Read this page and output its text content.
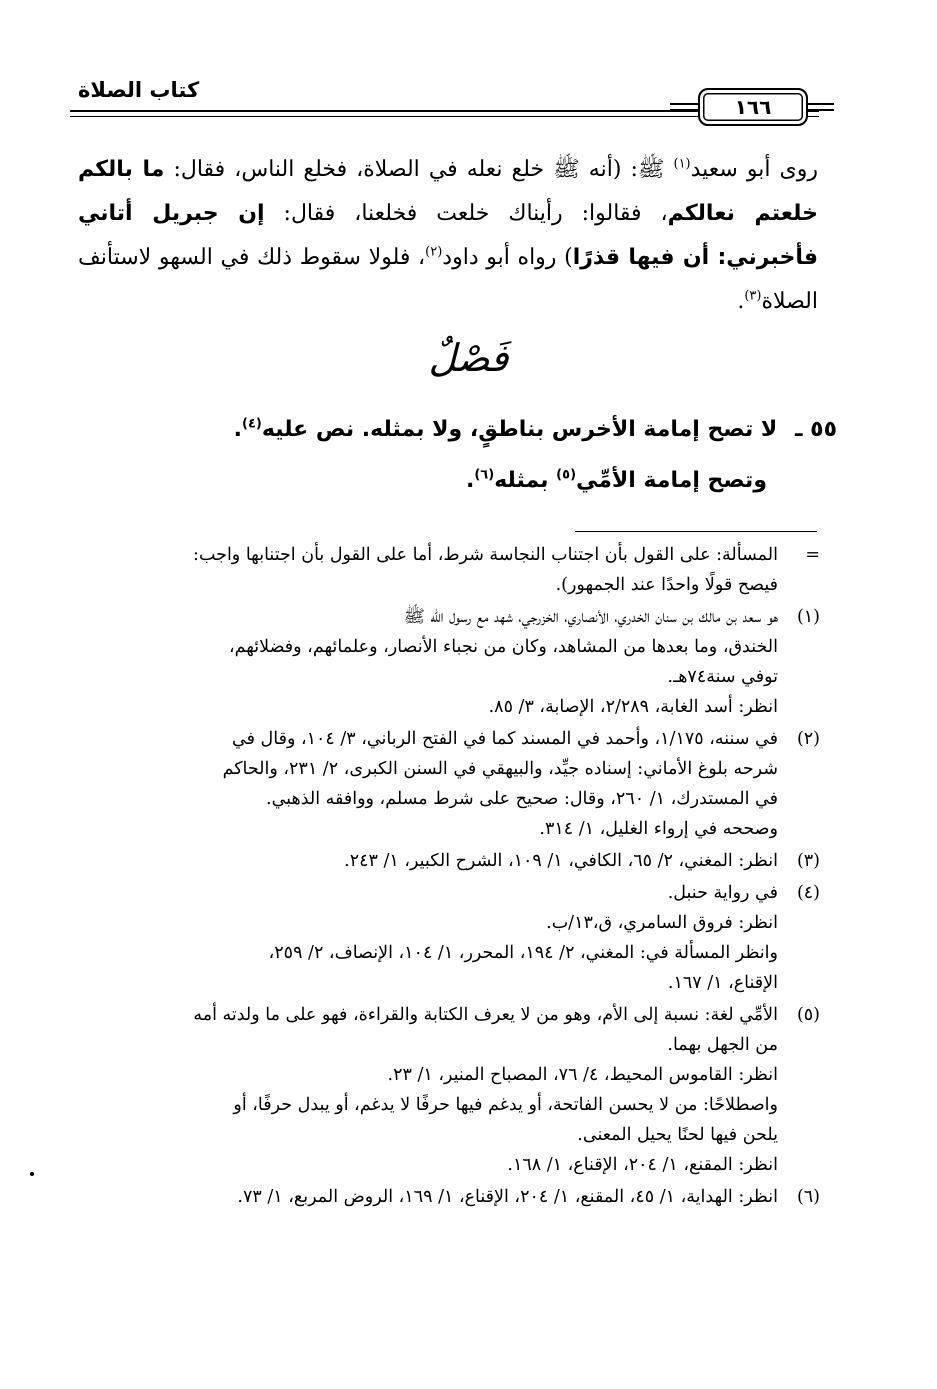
كتاب الصلاة
١٦٦
روى أبو سعيد$^{(١)}$ ﷺ: (أنه ﷺ خلع نعله في الصلاة، فخلع الناس، فقال: ما بالكم خلعتم نعالكم، فقالوا: رأيناك خلعت فخلعنا، فقال: إن جبريل أتاني فأخبرني: أن فيها قذرًا) رواه أبو داود$^{(٢)}$، فلولا سقوط ذلك في السهو لاستأنف الصلاة$^{(٣)}$.
فَصْلٌ
٥٥ ـ لا تصح إمامة الأخرس بناطقٍ، ولا بمثله. نص عليه$^{(٤)}$.
وتصح إمامة الأمِّي$^{(٥)}$ بمثله$^{(٦)}$.
=
المسألة: على القول بأن اجتناب النجاسة شرط، أما على القول بأن اجتنابها واجب:
فيصح قولًا واحدًا عند الجمهور).
(١)
هو سعد بن مالك بن سنان الخدري، الأنصاري، الخزرجي، شهد مع رسول الله ﷺ
الخندق، وما بعدها من المشاهد، وكان من نجباء الأنصار، وعلمائهم، وفضلائهم،
توفي سنة٧٤هـ.
انظر: أسد الغابة، ٢/٢٨٩، الإصابة، ٣/ ٨٥.
(٢)
في سننه، ١/١٧٥، وأحمد في المسند كما في الفتح الرباني، ٣/ ١٠٤، وقال في
شرحه بلوغ الأماني: إسناده جيِّد، والبيهقي في السنن الكبرى، ٢/ ٢٣١، والحاكم
في المستدرك، ١/ ٢٦٠، وقال: صحيح على شرط مسلم، ووافقه الذهبي.
وصححه في إرواء الغليل، ١/ ٣١٤.
(٣)
انظر: المغني، ٢/ ٦٥، الكافي، ١/ ١٠٩، الشرح الكبير، ١/ ٢٤٣.
(٤)
في رواية حنبل.
انظر: فروق السامري، ق،١٣/ب.
وانظر المسألة في: المغني، ٢/ ١٩٤، المحرر، ١/ ١٠٤، الإنصاف، ٢/ ٢٥٩،
الإقناع، ١/ ١٦٧.
(٥)
الأمِّي لغة: نسبة إلى الأم، وهو من لا يعرف الكتابة والقراءة، فهو على ما ولدته أمه
من الجهل بهما.
انظر: القاموس المحيط، ٤/ ٧٦، المصباح المنير، ١/ ٢٣.
واصطلاحًا: من لا يحسن الفاتحة، أو يدغم فيها حرفًا لا يدغم، أو يبدل حرفًا، أو
يلحن فيها لحنًا يحيل المعنى.
انظر: المقنع، ١/ ٢٠٤، الإقناع، ١/ ١٦٨.
(٦)
انظر: الهداية، ١/ ٤٥، المقنع، ١/ ٢٠٤، الإقناع، ١/ ١٦٩، الروض المربع، ١/ ٧٣.
